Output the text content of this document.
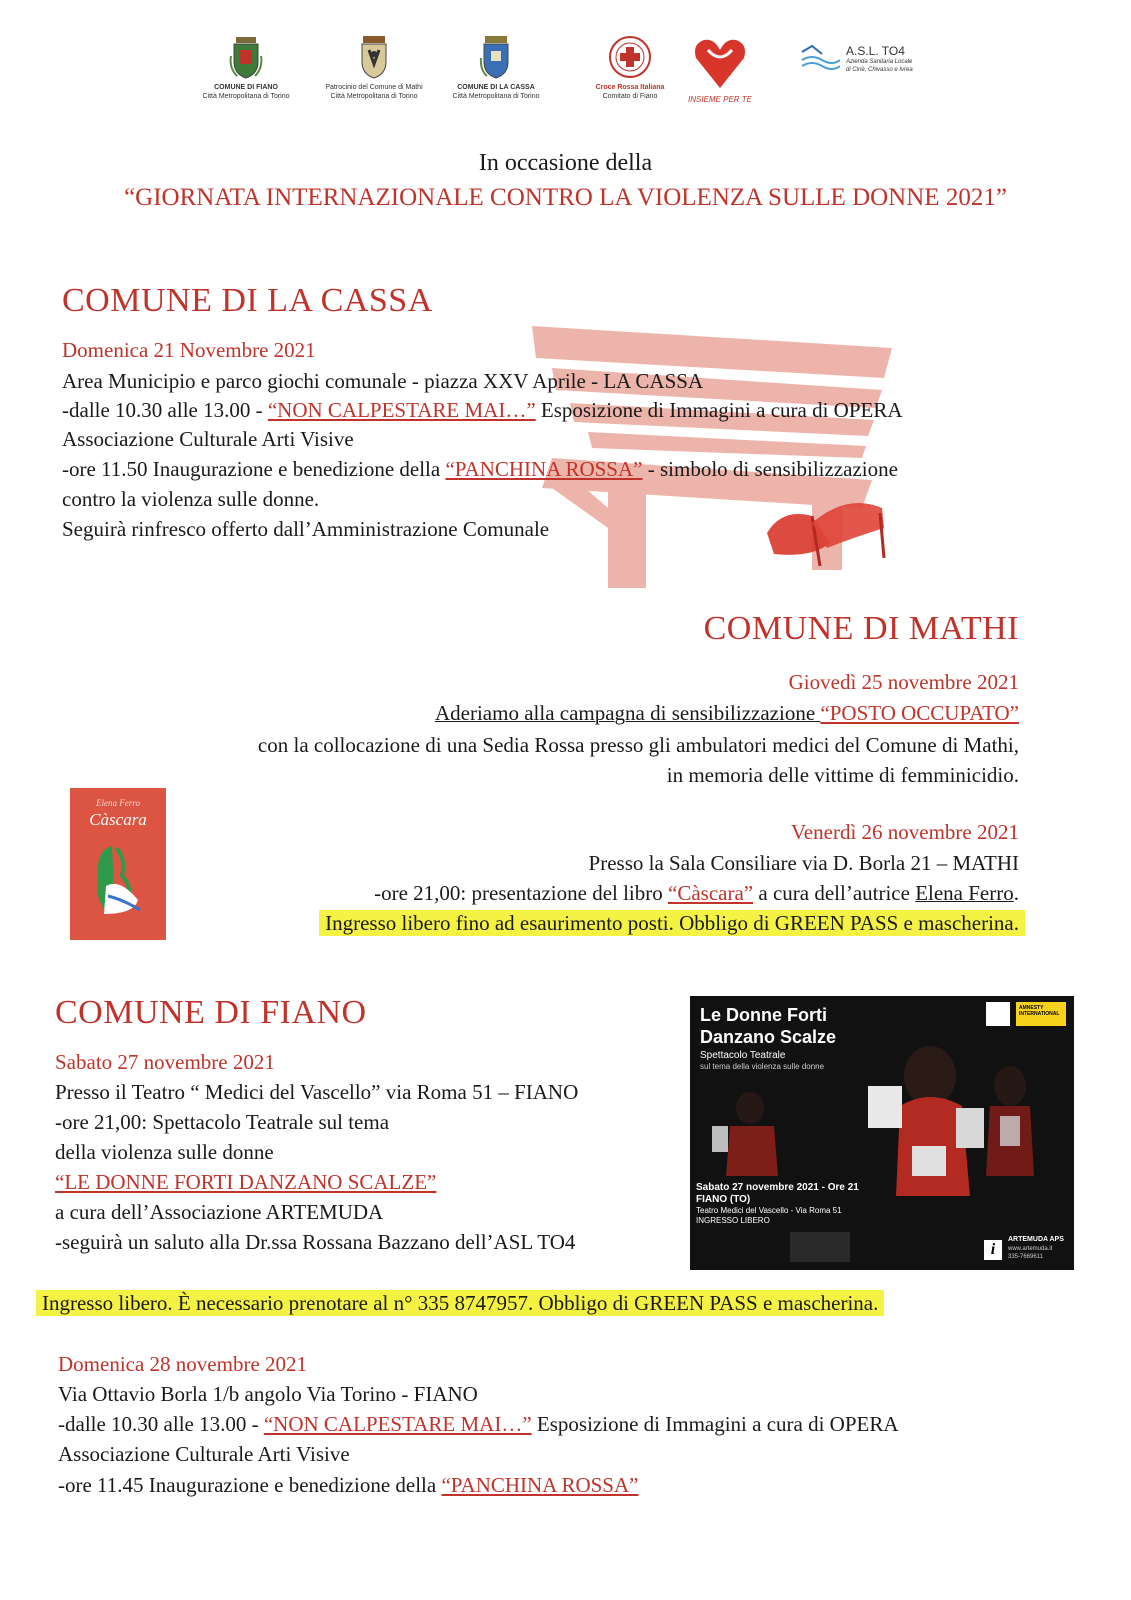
COMUNE DI FIANO
Città Metropolitana di Torino
Patrocinio del Comune di Mathi
Città Metropolitana di Torino
COMUNE DI LA CASSA
Città Metropolitana di Torino
Croce Rossa Italiana
Comitato di Fiano	INSIEME PER TE
A.S.L. TO4
Azienda Sanitaria Locale
di Ciriè, Chivasso e Ivrea
In occasione della
“GIORNATA INTERNAZIONALE CONTRO LA VIOLENZA SULLE DONNE 2021”
COMUNE DI LA CASSA
Domenica 21 Novembre 2021
Area Municipio e parco giochi comunale - piazza XXV Aprile - LA CASSA
-dalle 10.30 alle 13.00 - “NON CALPESTARE MAI…” Esposizione di Immagini a cura di OPERA
Associazione Culturale Arti Visive
-ore 11.50 Inaugurazione e benedizione della “PANCHINA ROSSA” - simbolo di sensibilizzazione
contro la violenza sulle donne.
Seguirà rinfresco offerto dall’Amministrazione Comunale
COMUNE DI MATHI
Giovedì 25 novembre 2021
Aderiamo alla campagna di sensibilizzazione “POSTO OCCUPATO”
con la collocazione di una Sedia Rossa presso gli ambulatori medici del Comune di Mathi,
in memoria delle vittime di femminicidio.
Elena Ferro
Càscara
Venerdì 26 novembre 2021
Presso la Sala Consiliare via D. Borla 21 – MATHI
-ore 21,00: presentazione del libro “Càscara” a cura dell’autrice Elena Ferro.
Ingresso libero fino ad esaurimento posti. Obbligo di GREEN PASS e mascherina.
COMUNE DI FIANO
Sabato 27 novembre 2021
Presso il Teatro “ Medici del Vascello” via Roma 51 – FIANO
-ore 21,00: Spettacolo Teatrale sul tema
della violenza sulle donne
“LE DONNE FORTI DANZANO SCALZE”
a cura dell’Associazione ARTEMUDA
-seguirà un saluto alla Dr.ssa Rossana Bazzano dell’ASL TO4
Le Donne Forti
Danzano Scalze
Spettacolo Teatrale
sul tema della violenza sulle donne
AMNESTY INTERNATIONAL
Sabato 27 novembre 2021 - Ore 21
FIANO (TO)
Teatro Medici del Vascello - Via Roma 51
INGRESSO LIBERO
i
ARTEMUDA APS
www.artemuda.it
335-7669611
Ingresso libero. È necessario prenotare al n° 335 8747957. Obbligo di GREEN PASS e mascherina.
Domenica 28 novembre 2021
Via Ottavio Borla 1/b angolo Via Torino - FIANO
-dalle 10.30 alle 13.00 - “NON CALPESTARE MAI…” Esposizione di Immagini a cura di OPERA
Associazione Culturale Arti Visive
-ore 11.45 Inaugurazione e benedizione della “PANCHINA ROSSA”
